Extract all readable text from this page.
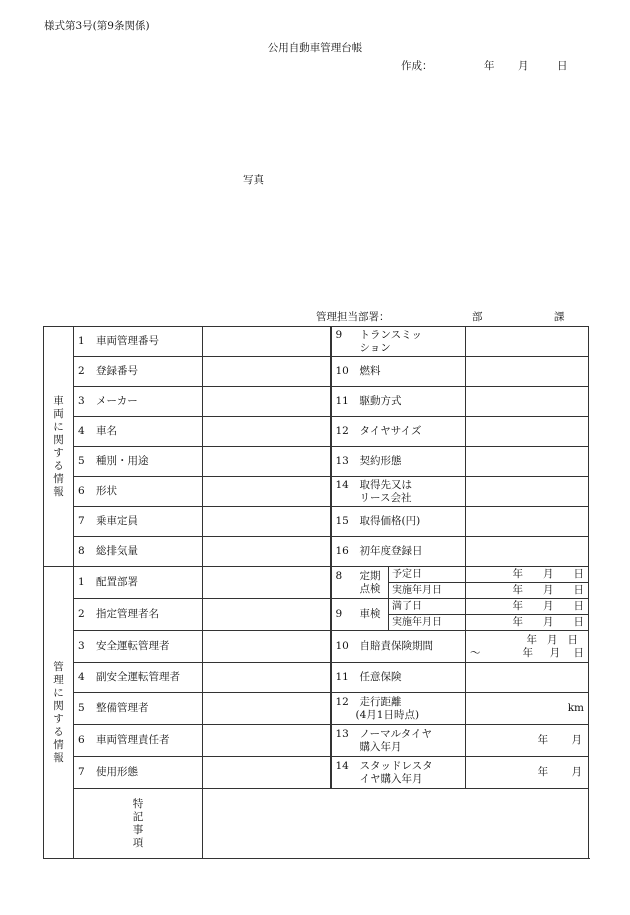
様式第3号(第9条関係)
公用自動車管理台帳
作成：	年 月	日
写真
管理担当部署：	部	課
車両に関する情報	1 車両管理番号		9 トランスミッ
ション		

	2 登録番号		10 燃料		
	3 メーカー		11 駆動方式		
	4 車名		12 タイヤサイズ		
	5 種別・用途		13 契約形態		
	6 形状		14 取得先又は
リース会社		

	7 乗車定員		15 取得価格(円)		
	8 総排気量		16 初年度登録日		
管理に関する情報	1 配置部署		8 定期
点検	予定日	年 月 日
				実施年月日	年 月 日
	2 指定管理者名		9 車検	満了日	年 月 日
				実施年月日	年 月 日
	3 安全運転管理者		10 自賠責保険期間		年 月 日
〜 年 月 日

	4 副安全運転管理者		11 任意保険		
	5 整備管理者		12 走行距離
(4月1日時点)		km
	6 車両管理責任者		13 ノーマルタイヤ
購入年月		年 月
	7 使用形態		14 スタッドレスタ
イヤ購入年月		年 月
	特記事項				
